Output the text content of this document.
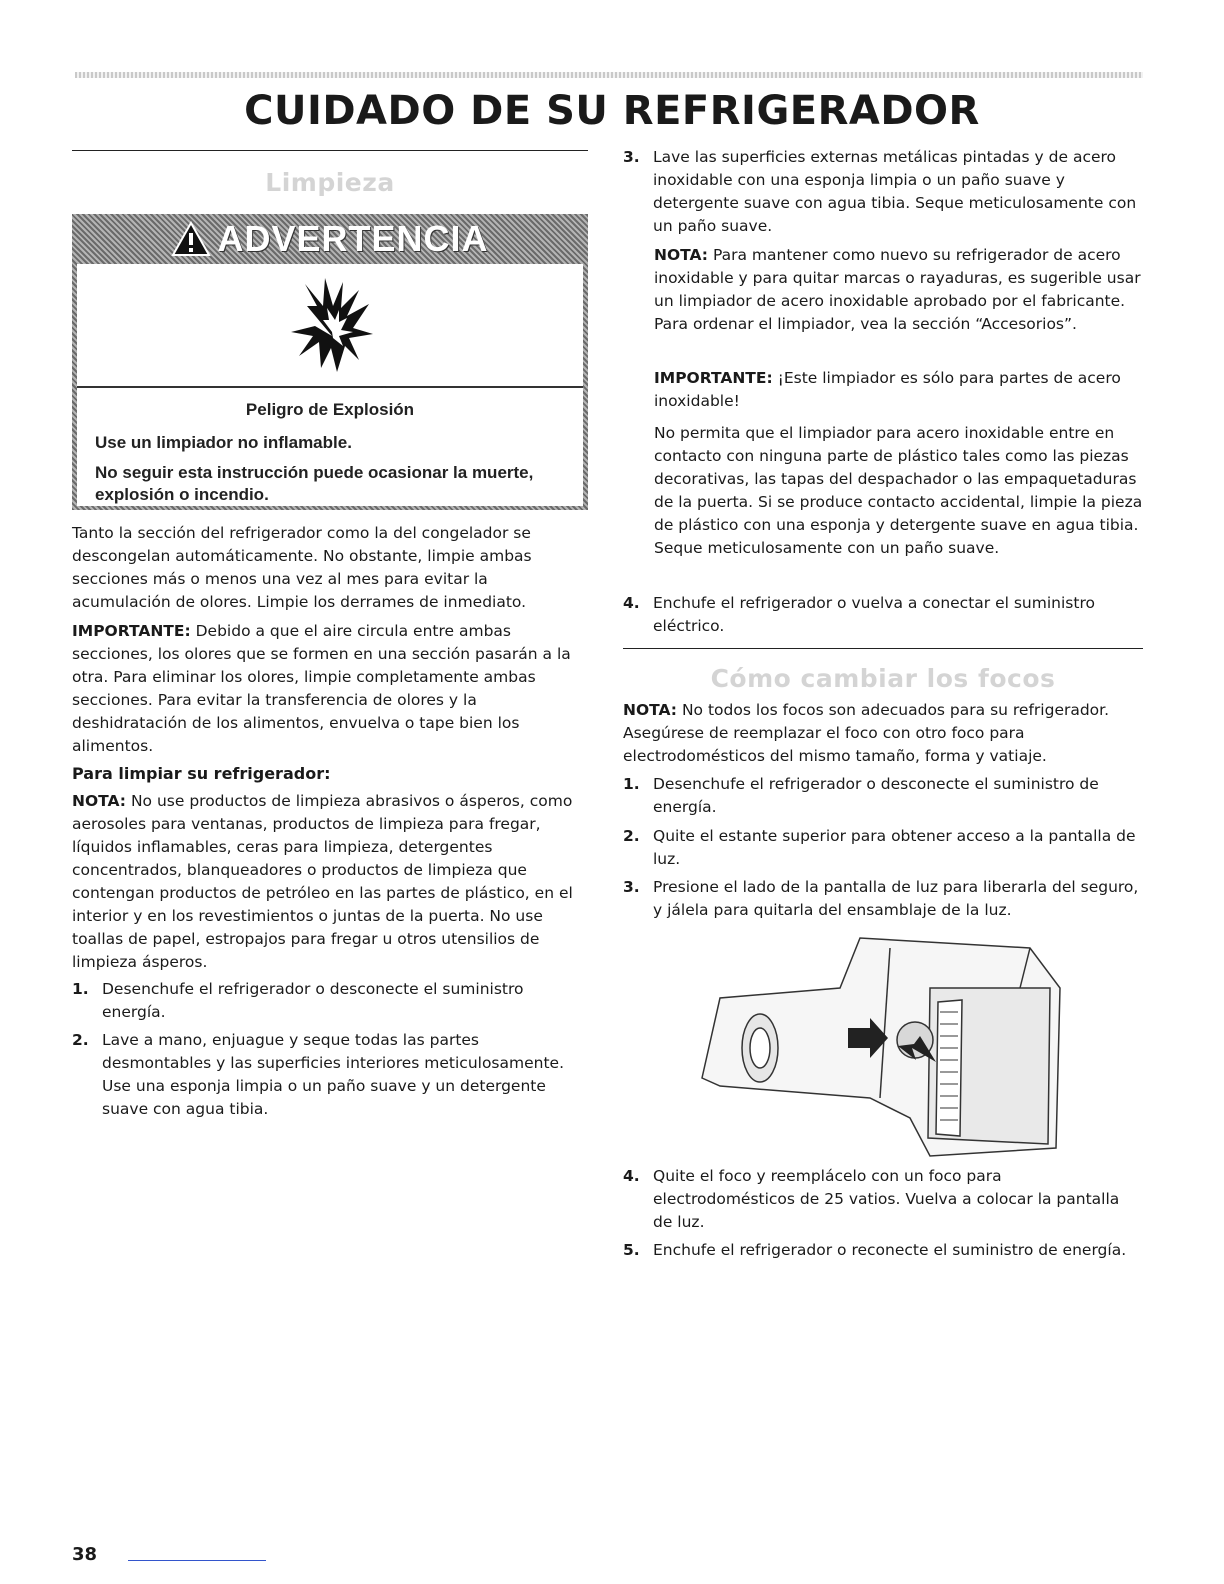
CUIDADO DE SU REFRIGERADOR
Limpieza
ADVERTENCIA
Peligro de Explosión
Use un limpiador no inflamable.
No seguir esta instrucción puede ocasionar la muerte, explosión o incendio.

Tanto la sección del refrigerador como la del congelador se descongelan automáticamente. No obstante, limpie ambas secciones más o menos una vez al mes para evitar la acumulación de olores. Limpie los derrames de inmediato.

IMPORTANTE: Debido a que el aire circula entre ambas secciones, los olores que se formen en una sección pasarán a la otra. Para eliminar los olores, limpie completamente ambas secciones. Para evitar la transferencia de olores y la deshidratación de los alimentos, envuelva o tape bien los alimentos.

Para limpiar su refrigerador:

NOTA: No use productos de limpieza abrasivos o ásperos, como aerosoles para ventanas, productos de limpieza para fregar, líquidos inflamables, ceras para limpieza, detergentes concentrados, blanqueadores o productos de limpieza que contengan productos de petróleo en las partes de plástico, en el interior y en los revestimientos o juntas de la puerta. No use toallas de papel, estropajos para fregar u otros utensilios de limpieza ásperos.

1. Desenchufe el refrigerador o desconecte el suministro energía.
2. Lave a mano, enjuague y seque todas las partes desmontables y las superficies interiores meticulosamente. Use una esponja limpia o un paño suave y un detergente suave con agua tibia.
3. Lave las superficies externas metálicas pintadas y de acero inoxidable con una esponja limpia o un paño suave y detergente suave con agua tibia. Seque meticulosamente con un paño suave.

NOTA: Para mantener como nuevo su refrigerador de acero inoxidable y para quitar marcas o rayaduras, es sugerible usar un limpiador de acero inoxidable aprobado por el fabricante. Para ordenar el limpiador, vea la sección “Accesorios”.

IMPORTANTE: ¡Este limpiador es sólo para partes de acero inoxidable!

No permita que el limpiador para acero inoxidable entre en contacto con ninguna parte de plástico tales como las piezas decorativas, las tapas del despachador o las empaquetaduras de la puerta. Si se produce contacto accidental, limpie la pieza de plástico con una esponja y detergente suave en agua tibia. Seque meticulosamente con un paño suave.

4. Enchufe el refrigerador o vuelva a conectar el suministro eléctrico.
Cómo cambiar los focos

NOTA: No todos los focos son adecuados para su refrigerador. Asegúrese de reemplazar el foco con otro foco para electrodomésticos del mismo tamaño, forma y vatiaje.

1. Desenchufe el refrigerador o desconecte el suministro de energía.
2. Quite el estante superior para obtener acceso a la pantalla de luz.
3. Presione el lado de la pantalla de luz para liberarla del seguro, y jálela para quitarla del ensamblaje de la luz.
4. Quite el foco y reemplácelo con un foco para electrodomésticos de 25 vatios. Vuelva a colocar la pantalla de luz.
5. Enchufe el refrigerador o reconecte el suministro de energía.
38
